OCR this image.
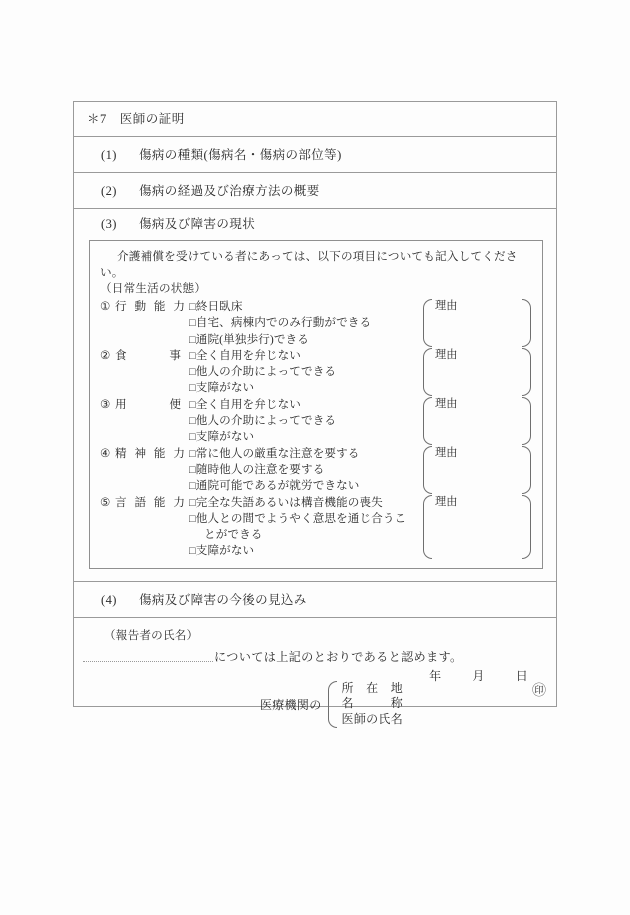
＊7 医師の証明
(1) 傷病の種類(傷病名・傷病の部位等)
(2) 傷病の経過及び治療方法の概要
(3) 傷病及び障害の現状
介護補償を受けている者にあっては、以下の項目についても記入してください。
（日常生活の状態）
① 行 動 能 力 □終日臥床
□自宅、病棟内でのみ行動ができる
□通院(単独歩行)できる
理由
② 食	事 □全く自用を弁じない
□他人の介助によってできる
□支障がない
理由
③ 用	便 □全く自用を弁じない
□他人の介助によってできる
□支障がない
理由
④ 精 神 能 力 □常に他人の厳重な注意を要する
□随時他人の注意を要する
□通院可能であるが就労できない
理由
⑤ 言 語 能 力 □完全な失語あるいは構音機能の喪失
□他人との間でようやく意思を通じ合うこ
とができる
□支障がない
理由
(4) 傷病及び障害の今後の見込み
（報告者の氏名）
については上記のとおりであると認めます。
年	月	日
医療機関の
所　在　地
名　　　称
医師の氏名
㊞
